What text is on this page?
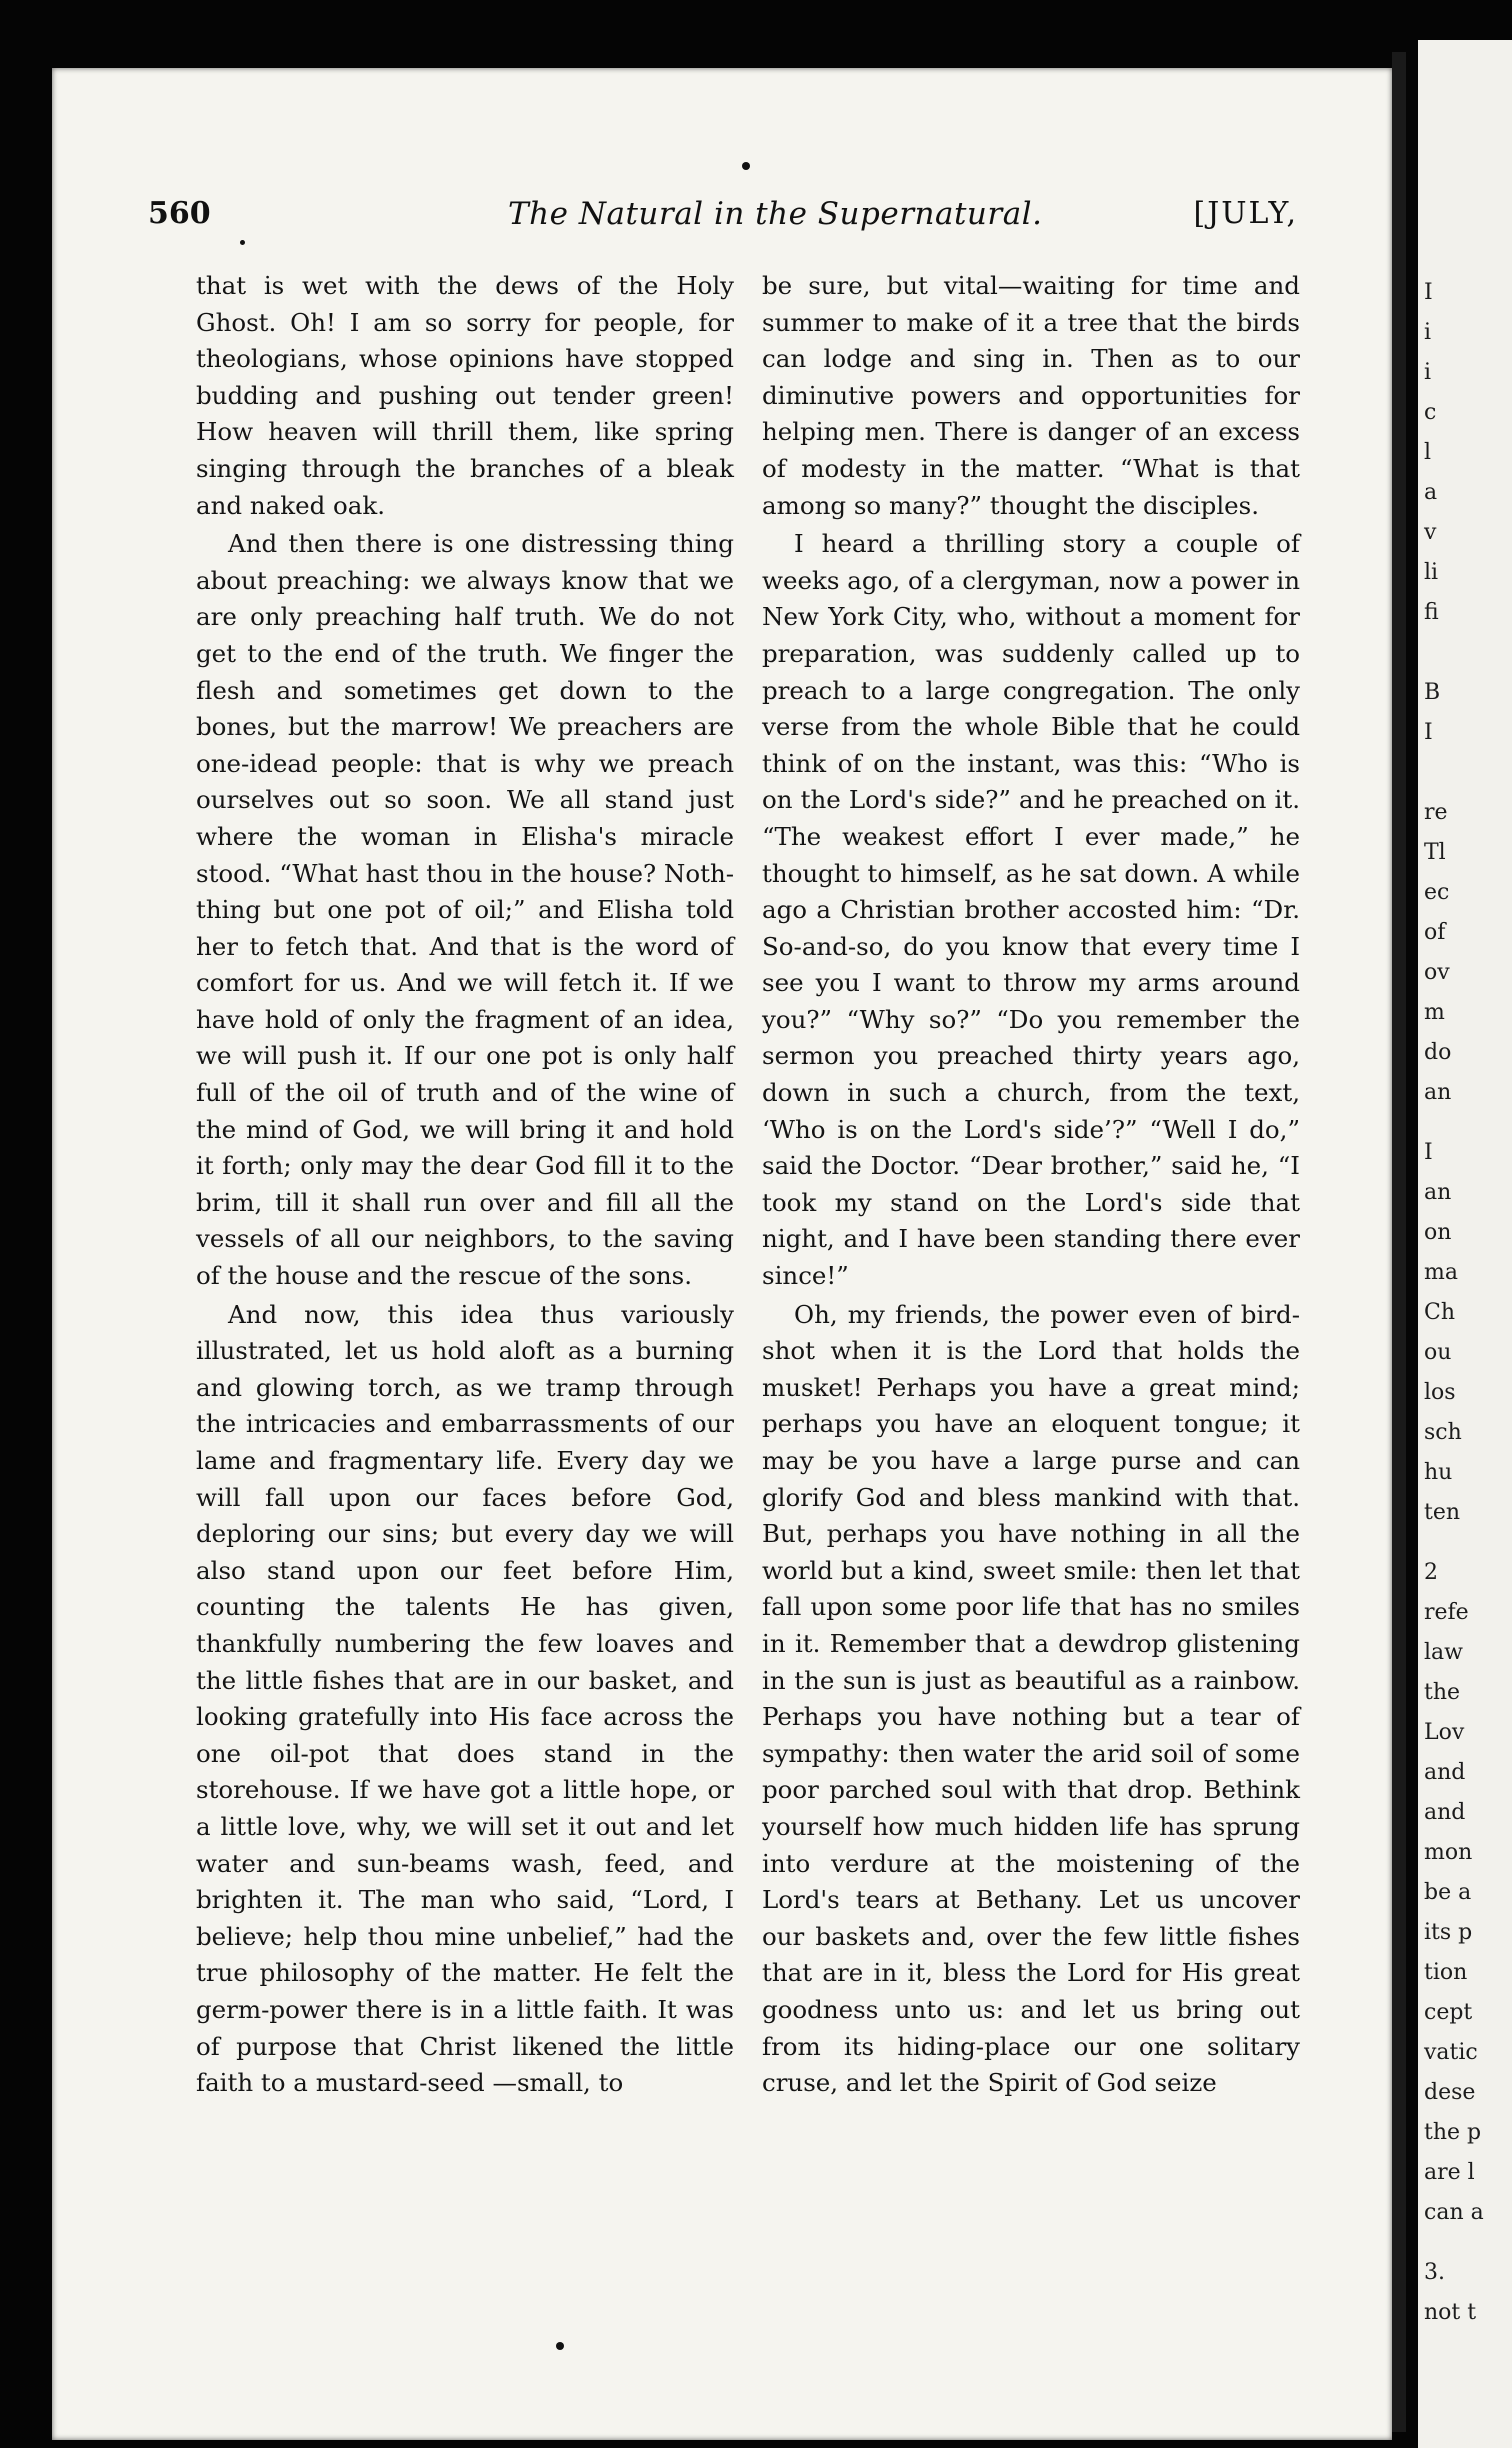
I
i
i
c
l
a
v
li
fi
B
I
re
Tl
ec
of
ov
m
do
an
I
an
on
ma
Ch
ou
los
sch
hu
ten
2
refe
law
the
Lov
and
and
mon
be a
its p
tion
cept
vatic
dese
the p
are l
can a
3.
not t
560	The Natural in the Supernatural.	[JULY,

that is wet with the dews of the Holy Ghost. Oh! I am so sorry for people, for theologians, whose opinions have stopped budding and pushing out tender green! How heaven will thrill them, like spring singing through the branches of a bleak and naked oak.

And then there is one distressing thing about preaching: we always know that we are only preaching half truth. We do not get to the end of the truth. We finger the flesh and sometimes get down to the bones, but the marrow! We preachers are one-idead people: that is why we preach ourselves out so soon. We all stand just where the woman in Elisha's miracle stood. “What hast thou in the house? Noth-thing but one pot of oil;” and Elisha told her to fetch that. And that is the word of comfort for us. And we will fetch it. If we have hold of only the fragment of an idea, we will push it. If our one pot is only half full of the oil of truth and of the wine of the mind of God, we will bring it and hold it forth; only may the dear God fill it to the brim, till it shall run over and fill all the vessels of all our neighbors, to the saving of the house and the rescue of the sons.

And now, this idea thus variously illustrated, let us hold aloft as a burning and glowing torch, as we tramp through the intricacies and embarrassments of our lame and fragmentary life. Every day we will fall upon our faces before God, deploring our sins; but every day we will also stand upon our feet before Him, counting the talents He has given, thankfully numbering the few loaves and the little fishes that are in our basket, and looking gratefully into His face across the one oil-pot that does stand in the storehouse. If we have got a little hope, or a little love, why, we will set it out and let water and sun-beams wash, feed, and brighten it. The man who said, “Lord, I believe; help thou mine unbelief,” had the true philosophy of the matter. He felt the germ-power there is in a little faith. It was of purpose that Christ likened the little faith to a mustard-seed —small, to

be sure, but vital—waiting for time and summer to make of it a tree that the birds can lodge and sing in. Then as to our diminutive powers and opportunities for helping men. There is danger of an excess of modesty in the matter. “What is that among so many?” thought the disciples.

I heard a thrilling story a couple of weeks ago, of a clergyman, now a power in New York City, who, without a moment for preparation, was suddenly called up to preach to a large congregation. The only verse from the whole Bible that he could think of on the instant, was this: “Who is on the Lord's side?” and he preached on it. “The weakest effort I ever made,” he thought to himself, as he sat down. A while ago a Christian brother accosted him: “Dr. So-and-so, do you know that every time I see you I want to throw my arms around you?” “Why so?” “Do you remember the sermon you preached thirty years ago, down in such a church, from the text, ‘Who is on the Lord's side’?” “Well I do,” said the Doctor. “Dear brother,” said he, “I took my stand on the Lord's side that night, and I have been standing there ever since!”

Oh, my friends, the power even of bird-shot when it is the Lord that holds the musket! Perhaps you have a great mind; perhaps you have an eloquent tongue; it may be you have a large purse and can glorify God and bless mankind with that. But, perhaps you have nothing in all the world but a kind, sweet smile: then let that fall upon some poor life that has no smiles in it. Remember that a dewdrop glistening in the sun is just as beautiful as a rainbow. Perhaps you have nothing but a tear of sympathy: then water the arid soil of some poor parched soul with that drop. Bethink yourself how much hidden life has sprung into verdure at the moistening of the Lord's tears at Bethany. Let us uncover our baskets and, over the few little fishes that are in it, bless the Lord for His great goodness unto us: and let us bring out from its hiding-place our one solitary cruse, and let the Spirit of God seize
